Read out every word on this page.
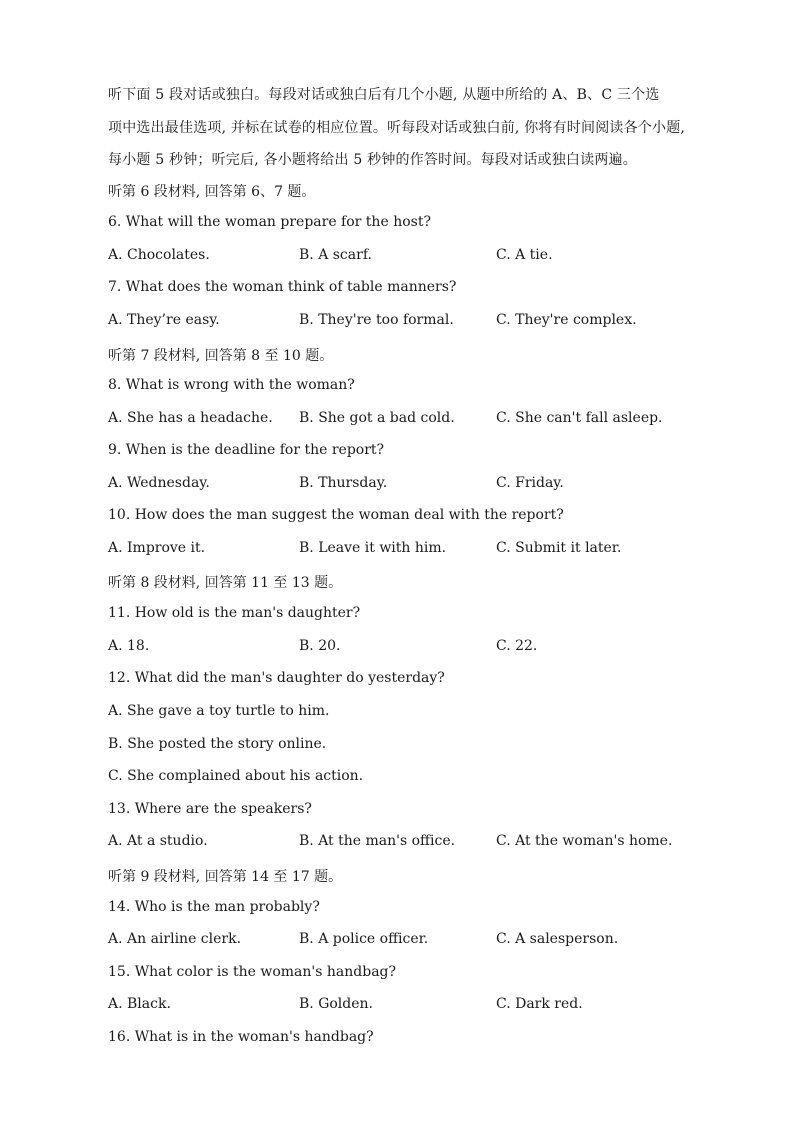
听下面 5 段对话或独白。每段对话或独白后有几个小题, 从题中所给的 A、B、C 三个选
项中选出最佳选项, 并标在试卷的相应位置。听每段对话或独白前, 你将有时间阅读各个小题,
每小题 5 秒钟；听完后, 各小题将给出 5 秒钟的作答时间。每段对话或独白读两遍。
听第 6 段材料, 回答第 6、7 题。
6. What will the woman prepare for the host?
A. Chocolates.	B. A scarf.	C. A tie.
7. What does the woman think of table manners?
A. They’re easy.	B. They're too formal.	C. They're complex.
听第 7 段材料, 回答第 8 至 10 题。
8. What is wrong with the woman?
A. She has a headache. B. She got a bad cold.	C. She can't fall asleep.
9. When is the deadline for the report?
A. Wednesday.	B. Thursday.	C. Friday.
10. How does the man suggest the woman deal with the report?
A. Improve it.	B. Leave it with him.	C. Submit it later.
听第 8 段材料, 回答第 11 至 13 题。
11. How old is the man's daughter?
A. 18.	B. 20.	C. 22.
12. What did the man's daughter do yesterday?
A. She gave a toy turtle to him.
B. She posted the story online.
C. She complained about his action.
13. Where are the speakers?
A. At a studio.	B. At the man's office.	C. At the woman's home.
听第 9 段材料, 回答第 14 至 17 题。
14. Who is the man probably?
A. An airline clerk.	B. A police officer.	C. A salesperson.
15. What color is the woman's handbag?
A. Black.	B. Golden.	C. Dark red.
16. What is in the woman's handbag?
